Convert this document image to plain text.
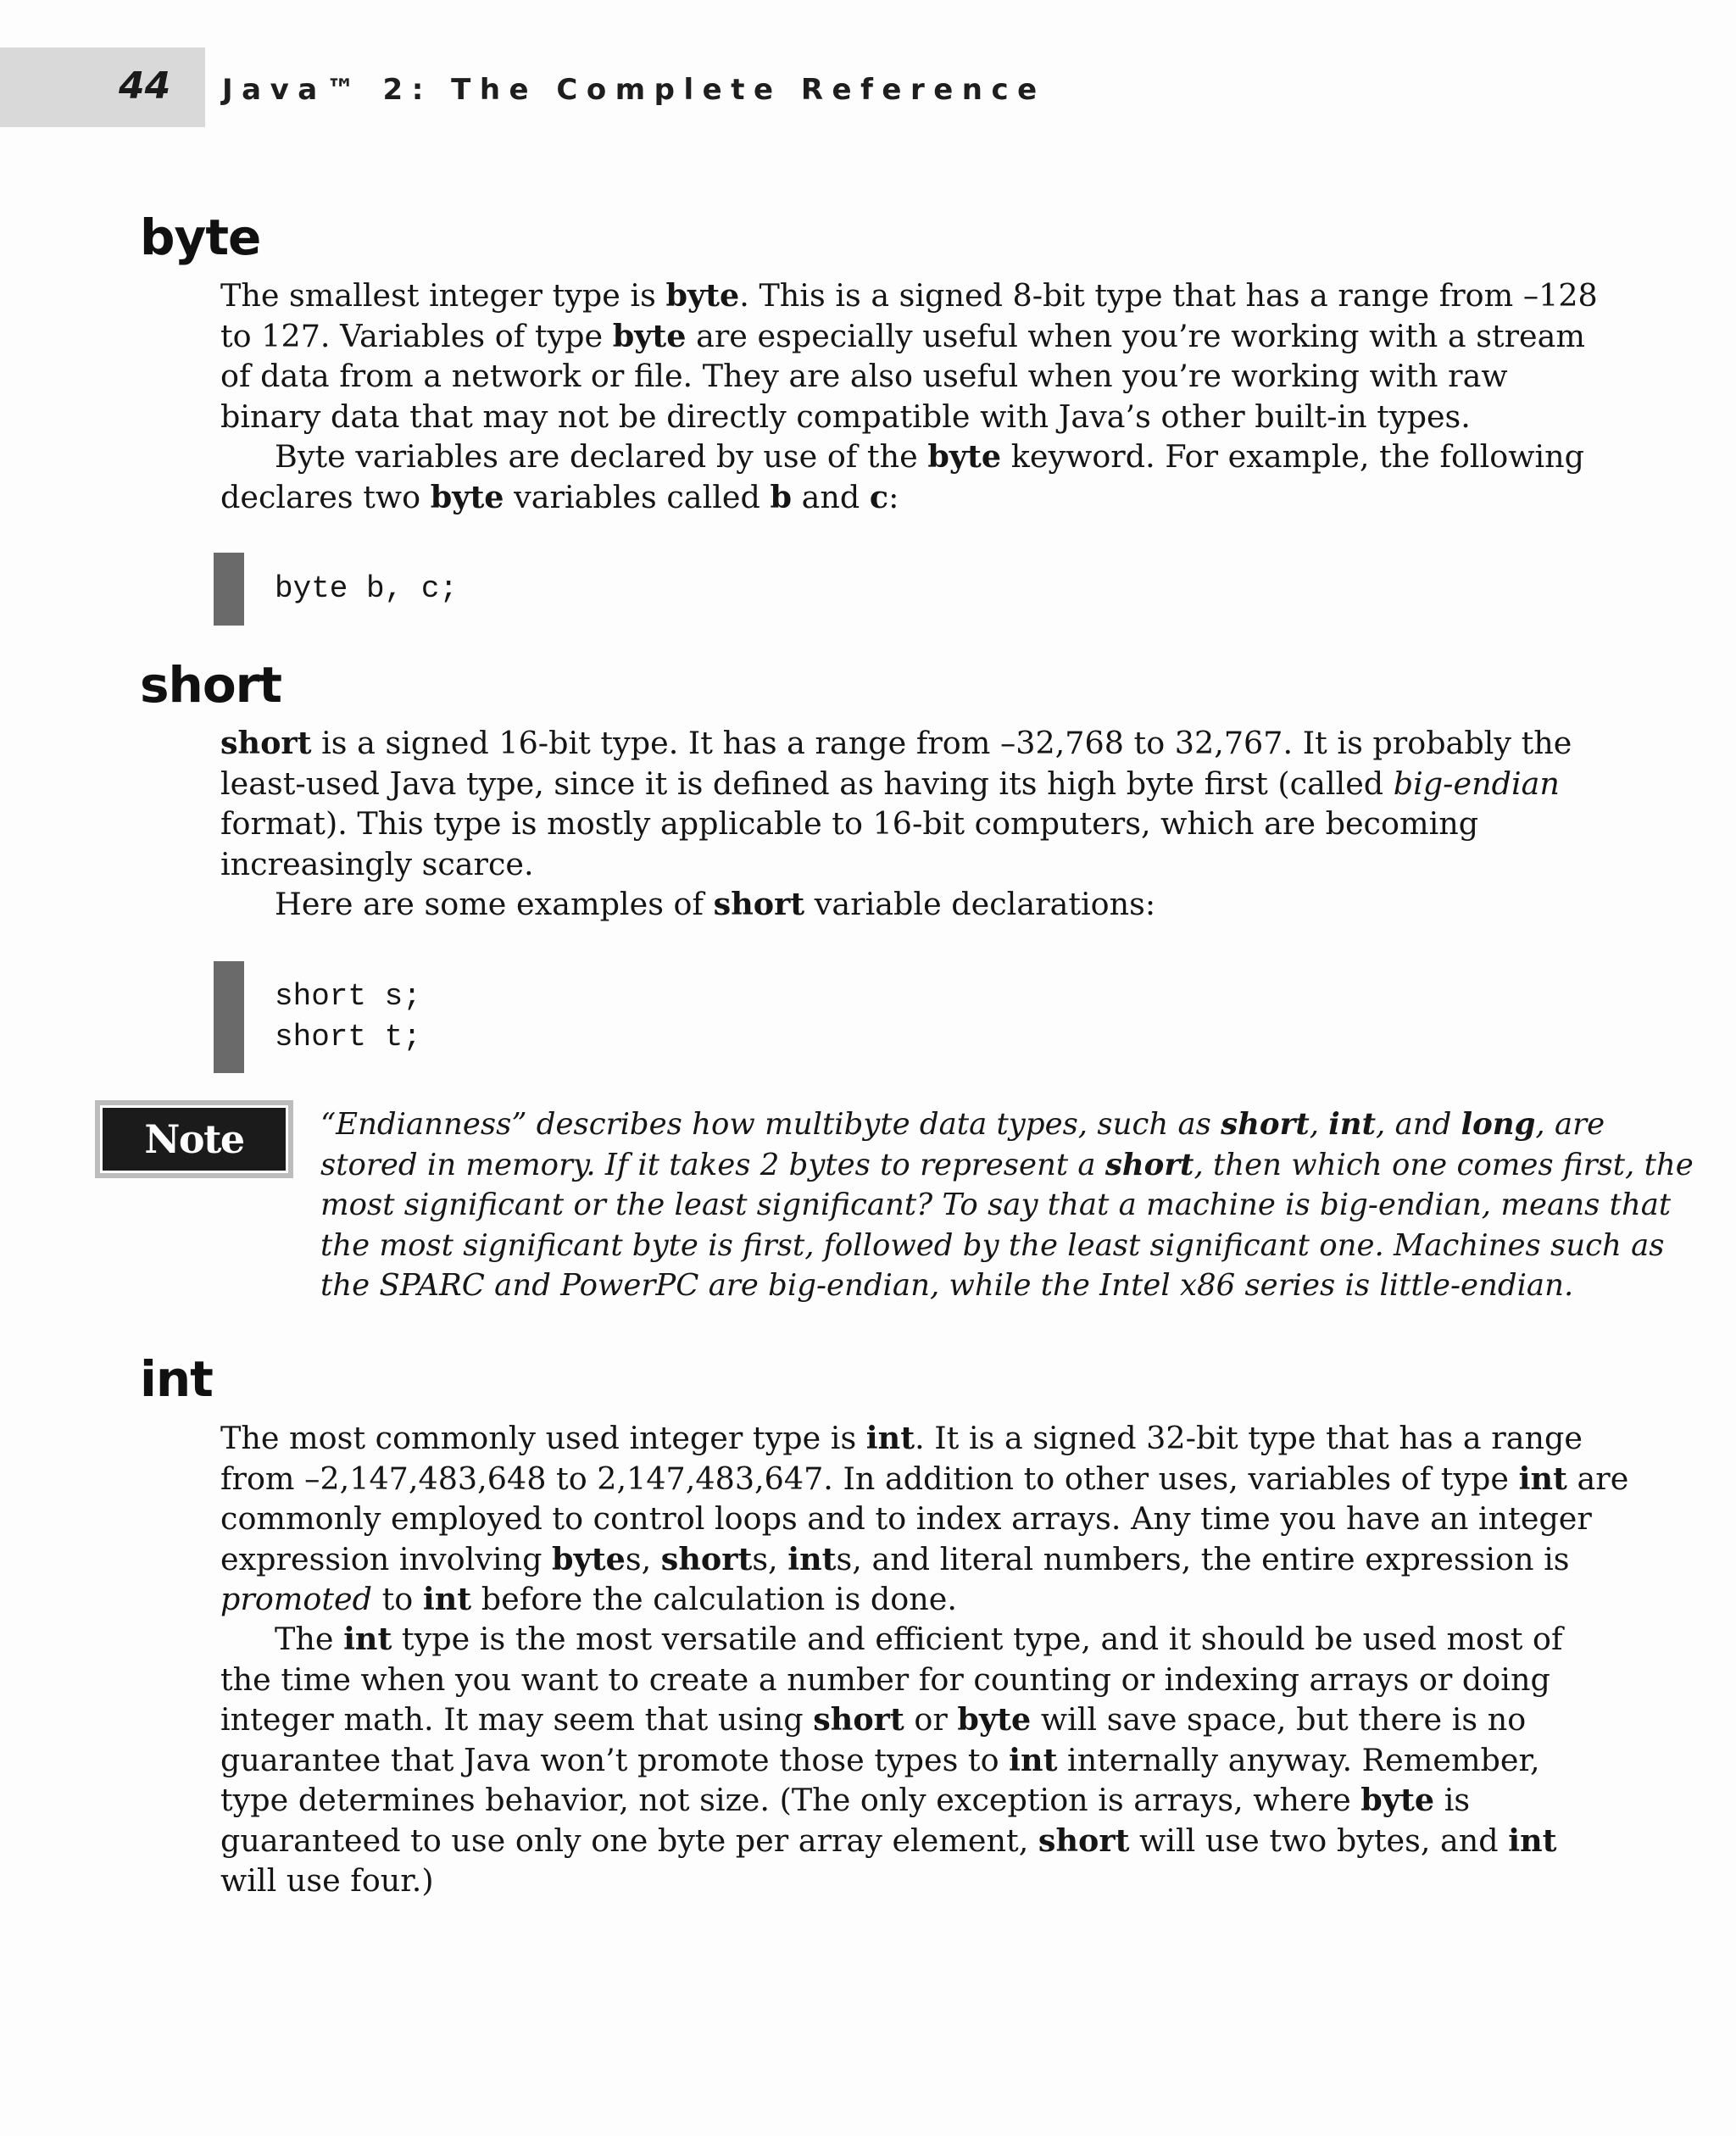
44 Java™ 2: The Complete Reference
byte
The smallest integer type is byte. This is a signed 8-bit type that has a range from –128
to 127. Variables of type byte are especially useful when you’re working with a stream
of data from a network or file. They are also useful when you’re working with raw
binary data that may not be directly compatible with Java’s other built-in types.
Byte variables are declared by use of the byte keyword. For example, the following
declares two byte variables called b and c:
byte b, c;
short
short is a signed 16-bit type. It has a range from –32,768 to 32,767. It is probably the
least-used Java type, since it is defined as having its high byte first (called big-endian
format). This type is mostly applicable to 16-bit computers, which are becoming
increasingly scarce.
Here are some examples of short variable declarations:
short s;
short t;
Note	“Endianness” describes how multibyte data types, such as short, int, and long, are
stored in memory. If it takes 2 bytes to represent a short, then which one comes first, the
most significant or the least significant? To say that a machine is big-endian, means that
the most significant byte is first, followed by the least significant one. Machines such as
the SPARC and PowerPC are big-endian, while the Intel x86 series is little-endian.
int
The most commonly used integer type is int. It is a signed 32-bit type that has a range
from –2,147,483,648 to 2,147,483,647. In addition to other uses, variables of type int are
commonly employed to control loops and to index arrays. Any time you have an integer
expression involving bytes, shorts, ints, and literal numbers, the entire expression is
promoted to int before the calculation is done.
The int type is the most versatile and efficient type, and it should be used most of
the time when you want to create a number for counting or indexing arrays or doing
integer math. It may seem that using short or byte will save space, but there is no
guarantee that Java won’t promote those types to int internally anyway. Remember,
type determines behavior, not size. (The only exception is arrays, where byte is
guaranteed to use only one byte per array element, short will use two bytes, and int
will use four.)
